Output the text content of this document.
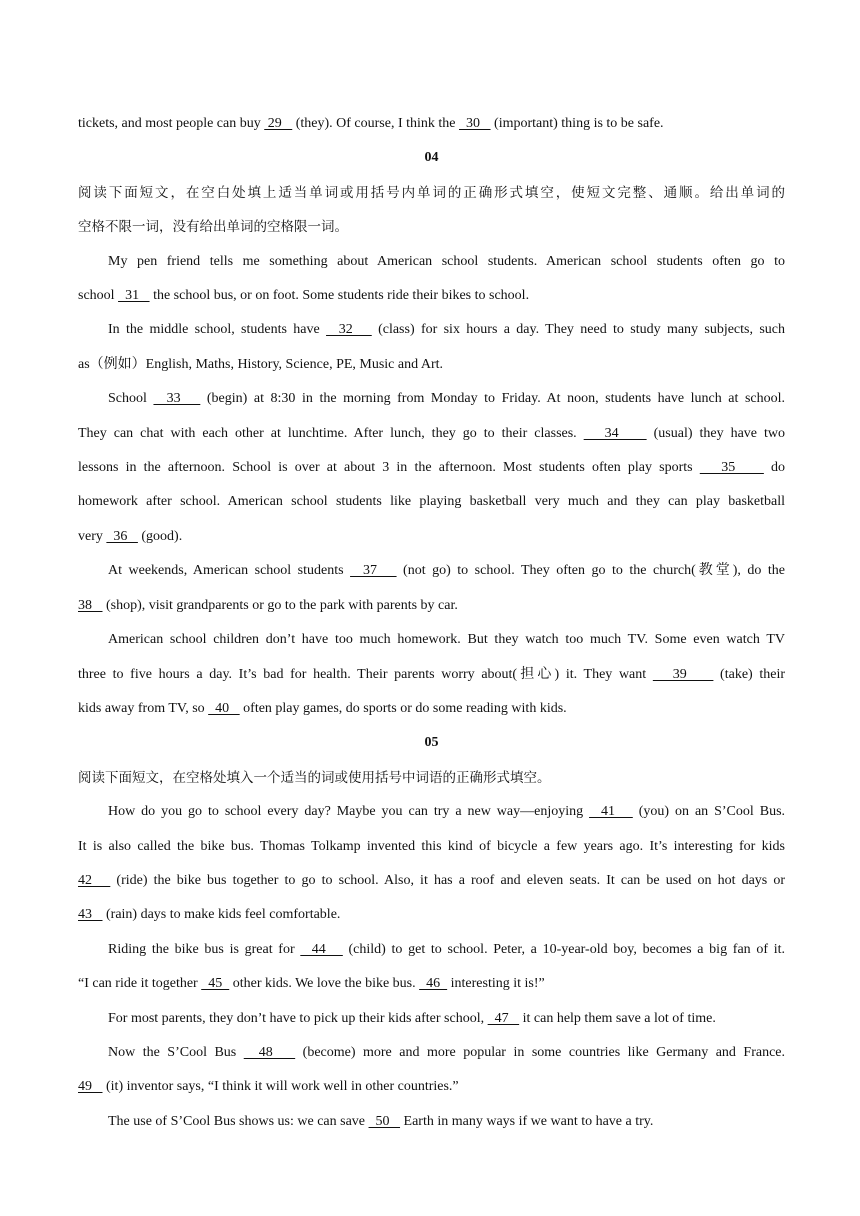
tickets, and most people can buy  29    (they). Of course, I think the   30    (important) thing is to be safe.
04
阅读下面短文，在空白处填上适当单词或用括号内单词的正确形式填空，使短文完整、通顺。给出单词的
空格不限一词，没有给出单词的空格限一词。
My pen friend tells me something about American school students. American school students often go to
school   31    the school bus, or on foot. Some students ride their bikes to school.
In the middle school, students have   32    (class) for six hours a day. They need to study many subjects, such
as（例如）English, Maths, History, Science, PE, Music and Art.
School   33    (begin) at 8:30 in the morning from Monday to Friday. At noon, students have lunch at school.
They can chat with each other at lunchtime. After lunch, they go to their classes.    34     (usual) they have two
lessons in the afternoon. School is over at about 3 in the afternoon. Most students often play sports    35     do
homework after school. American school students like playing basketball very much and they can play basketball
very   36    (good).
At weekends, American school students   37    (not go) to school. They often go to the church(教堂), do the
38    (shop), visit grandparents or go to the park with parents by car.
American school children don’t have too much homework. But they watch too much TV. Some even watch TV
three to five hours a day. It’s bad for health. Their parents worry about(担心) it. They want    39     (take) their
kids away from TV, so   40    often play games, do sports or do some reading with kids.
05
阅读下面短文，在空格处填入一个适当的词或使用括号中词语的正确形式填空。
How do you go to school every day? Maybe you can try a new way—enjoying   41    (you) on an S’Cool Bus.
It is also called the bike bus. Thomas Tolkamp invented this kind of bicycle a few years ago. It’s interesting for kids
42    (ride) the bike bus together to go to school. Also, it has a roof and eleven seats. It can be used on hot days or
43    (rain) days to make kids feel comfortable.
Riding the bike bus is great for   44    (child) to get to school. Peter, a 10-year-old boy, becomes a big fan of it.
“I can ride it together   45   other kids. We love the bike bus.   46   interesting it is!”
For most parents, they don’t have to pick up their kids after school,   47    it can help them save a lot of time.
Now the S’Cool Bus   48    (become) more and more popular in some countries like Germany and France.
49    (it) inventor says, “I think it will work well in other countries.”
The use of S’Cool Bus shows us: we can save   50    Earth in many ways if we want to have a try.
